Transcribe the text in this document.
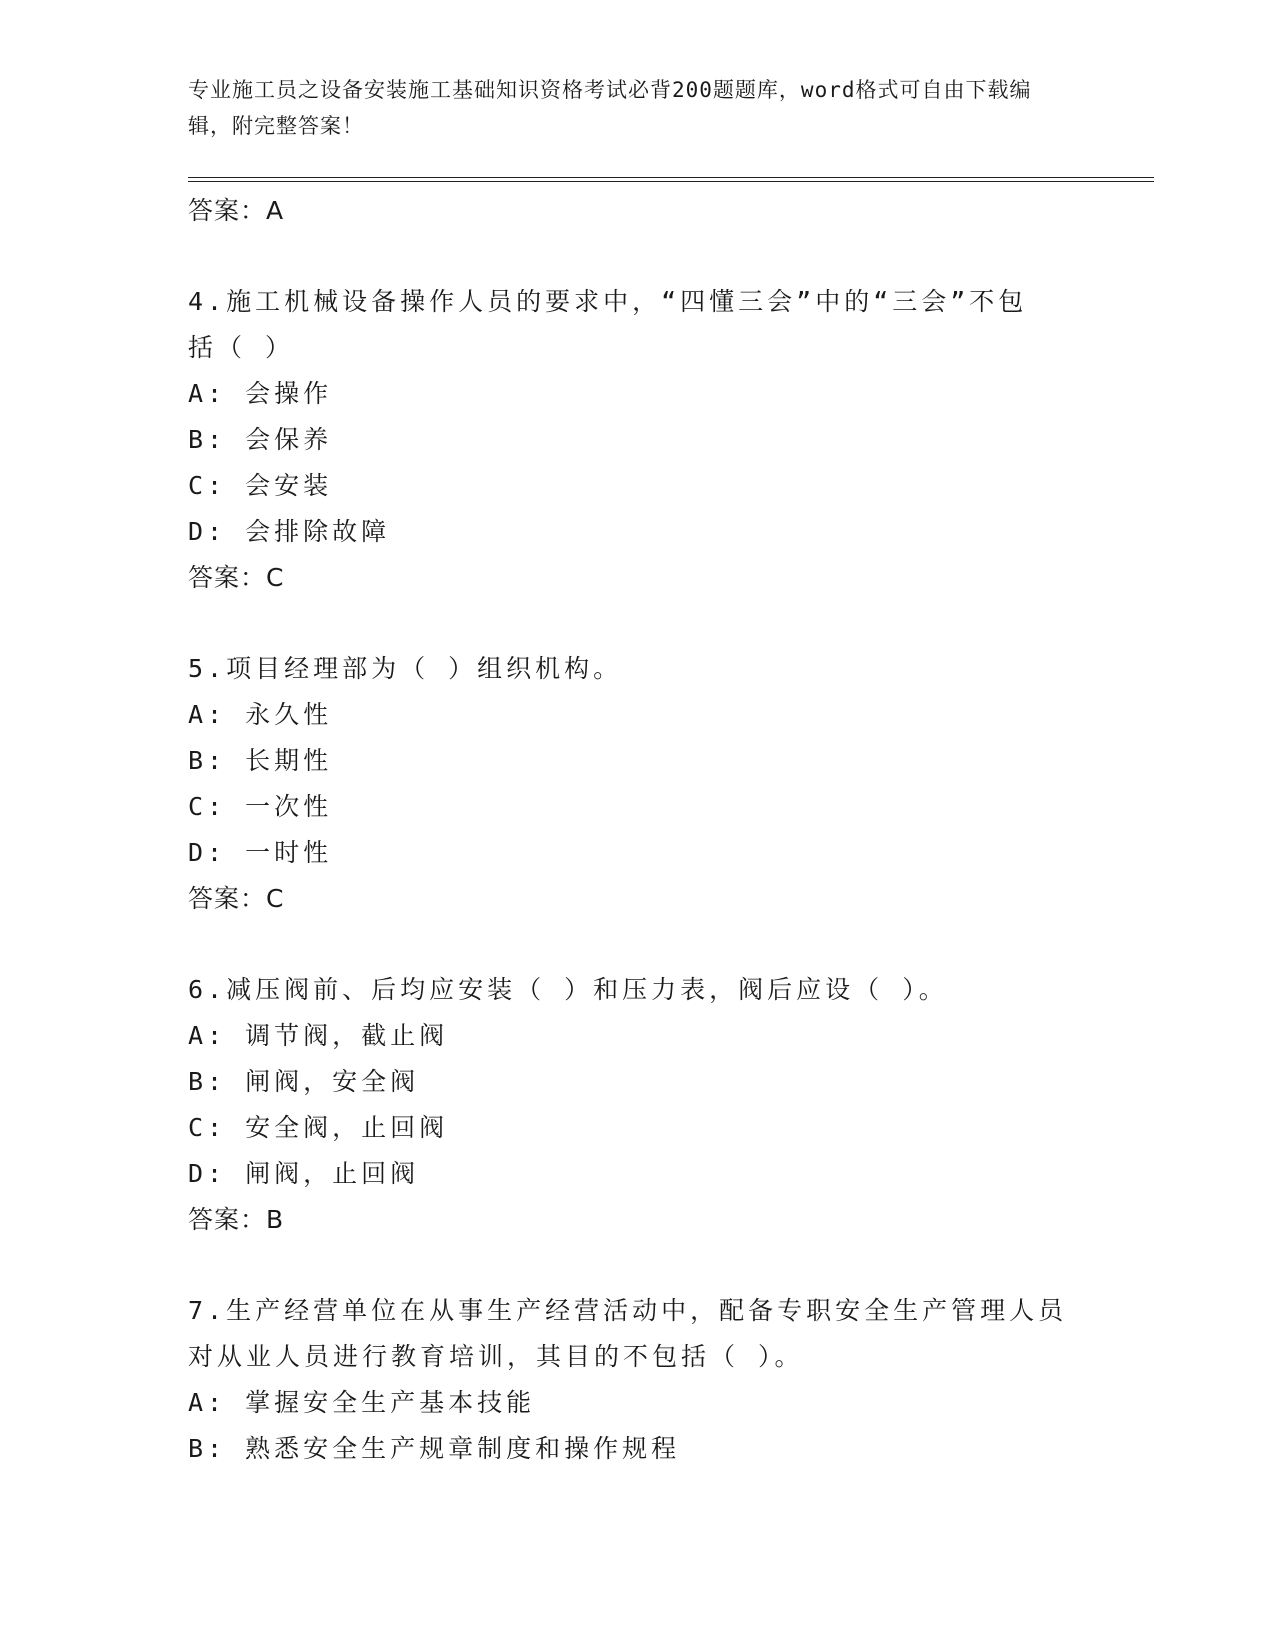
专业施工员之设备安装施工基础知识资格考试必背200题题库，word格式可自由下载编辑，附完整答案！
答案：A
4.施工机械设备操作人员的要求中，“四懂三会”中的“三会”不包
括（ ）
A: 会操作
B: 会保养
C: 会安装
D: 会排除故障
答案：C
5.项目经理部为（ ）组织机构。
A: 永久性
B: 长期性
C: 一次性
D: 一时性
答案：C
6.减压阀前、后均应安装（ ）和压力表，阀后应设（ ）。
A: 调节阀，截止阀
B: 闸阀，安全阀
C: 安全阀，止回阀
D: 闸阀，止回阀
答案：B
7.生产经营单位在从事生产经营活动中，配备专职安全生产管理人员
对从业人员进行教育培训，其目的不包括（ ）。
A: 掌握安全生产基本技能
B: 熟悉安全生产规章制度和操作规程
